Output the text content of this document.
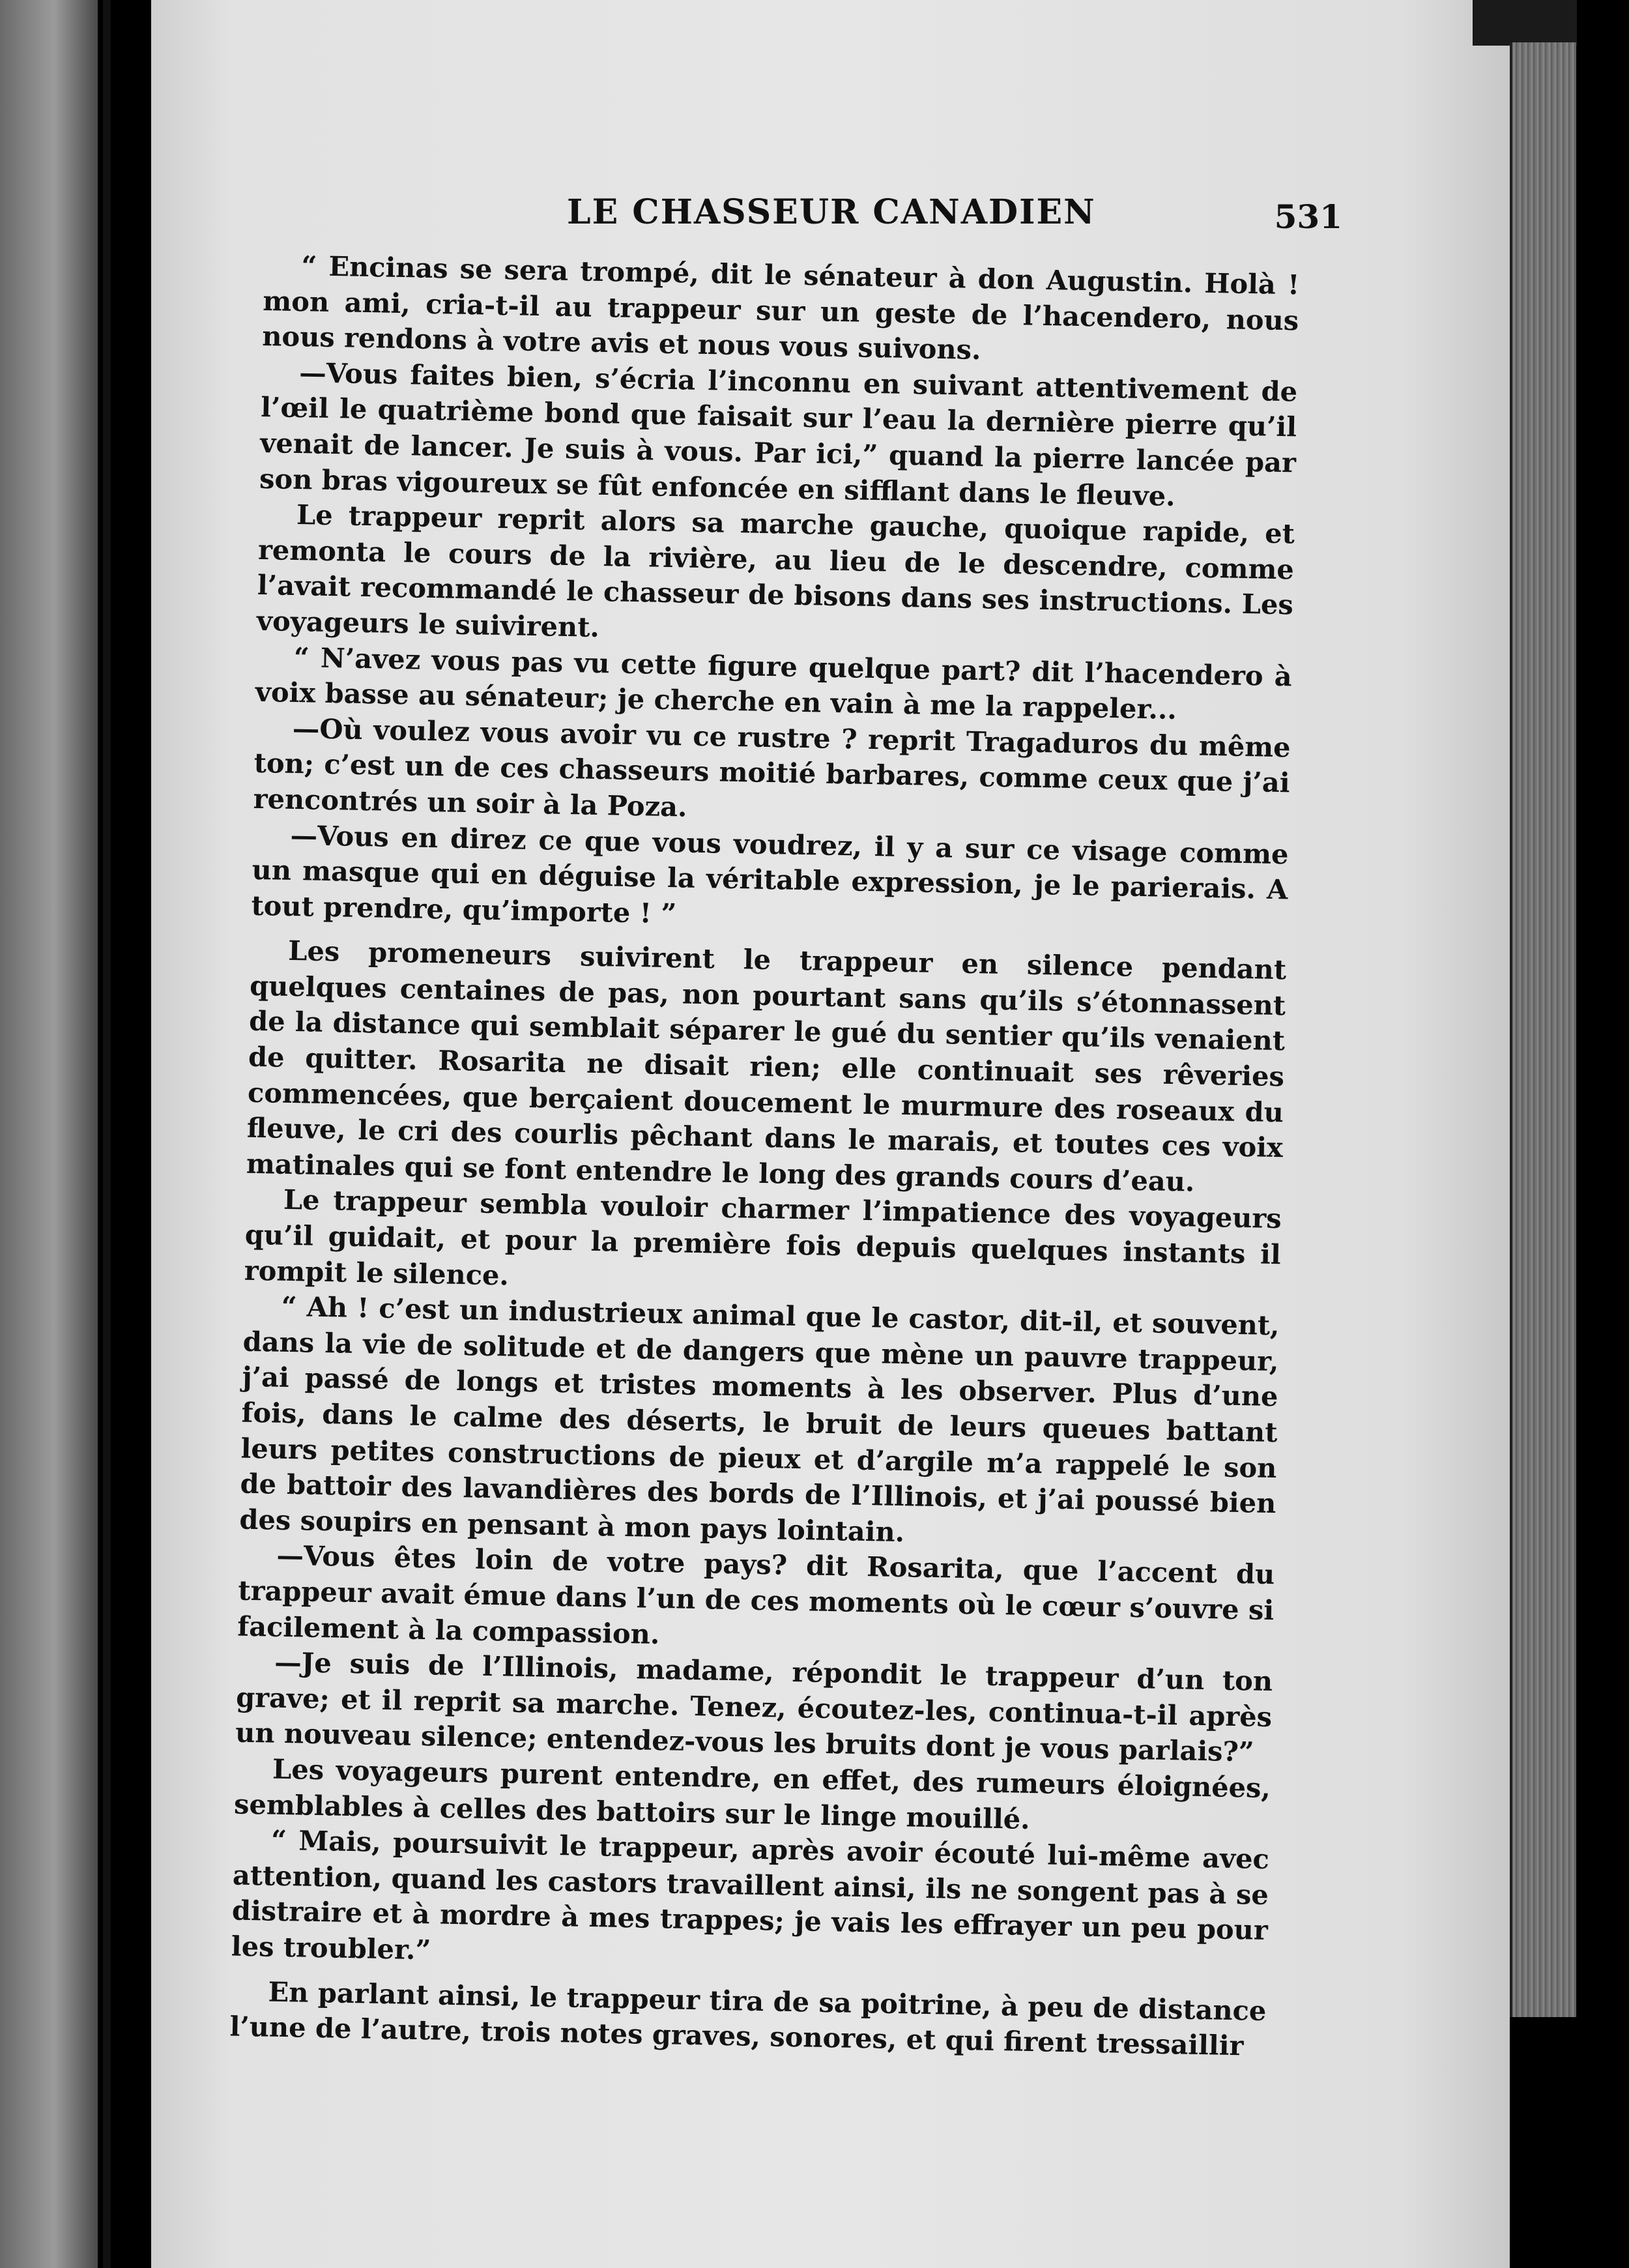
LE CHASSEUR CANADIEN	531

“ Encinas se sera trompé, dit le sénateur à don Augustin. Holà ! mon ami, cria-t-il au trappeur sur un geste de l’hacendero, nous nous rendons à votre avis et nous vous suivons.

—Vous faites bien, s’écria l’inconnu en suivant attentivement de l’œil le quatrième bond que faisait sur l’eau la dernière pierre qu’il venait de lancer. Je suis à vous. Par ici,” quand la pierre lancée par son bras vigoureux se fût enfoncée en sifflant dans le fleuve.

Le trappeur reprit alors sa marche gauche, quoique rapide, et remonta le cours de la rivière, au lieu de le descendre, comme l’avait recommandé le chasseur de bisons dans ses instructions. Les voyageurs le suivirent.

“ N’avez vous pas vu cette figure quelque part? dit l’hacendero à voix basse au sénateur; je cherche en vain à me la rappeler...

—Où voulez vous avoir vu ce rustre ? reprit Tragaduros du même ton; c’est un de ces chasseurs moitié barbares, comme ceux que j’ai rencontrés un soir à la Poza.

—Vous en direz ce que vous voudrez, il y a sur ce visage comme un masque qui en déguise la véritable expression, je le parierais. A tout prendre, qu’importe ! ”

Les promeneurs suivirent le trappeur en silence pendant quelques centaines de pas, non pourtant sans qu’ils s’étonnassent de la distance qui semblait séparer le gué du sentier qu’ils venaient de quitter. Rosarita ne disait rien; elle continuait ses rêveries commencées, que berçaient doucement le murmure des roseaux du fleuve, le cri des courlis pêchant dans le marais, et toutes ces voix matinales qui se font entendre le long des grands cours d’eau.

Le trappeur sembla vouloir charmer l’impatience des voyageurs qu’il guidait, et pour la première fois depuis quelques instants il rompit le silence.

“ Ah ! c’est un industrieux animal que le castor, dit-il, et souvent, dans la vie de solitude et de dangers que mène un pauvre trappeur, j’ai passé de longs et tristes moments à les observer. Plus d’une fois, dans le calme des déserts, le bruit de leurs queues battant leurs petites constructions de pieux et d’argile m’a rappelé le son de battoir des lavandières des bords de l’Illinois, et j’ai poussé bien des soupirs en pensant à mon pays lointain.

—Vous êtes loin de votre pays? dit Rosarita, que l’accent du trappeur avait émue dans l’un de ces moments où le cœur s’ouvre si facilement à la compassion.

—Je suis de l’Illinois, madame, répondit le trappeur d’un ton grave; et il reprit sa marche. Tenez, écoutez-les, continua-t-il après un nouveau silence; entendez-vous les bruits dont je vous parlais?”

Les voyageurs purent entendre, en effet, des rumeurs éloignées, semblables à celles des battoirs sur le linge mouillé.

“ Mais, poursuivit le trappeur, après avoir écouté lui-même avec attention, quand les castors travaillent ainsi, ils ne songent pas à se distraire et à mordre à mes trappes; je vais les effrayer un peu pour les troubler.”

En parlant ainsi, le trappeur tira de sa poitrine, à peu de distance l’une de l’autre, trois notes graves, sonores, et qui firent tressaillir
